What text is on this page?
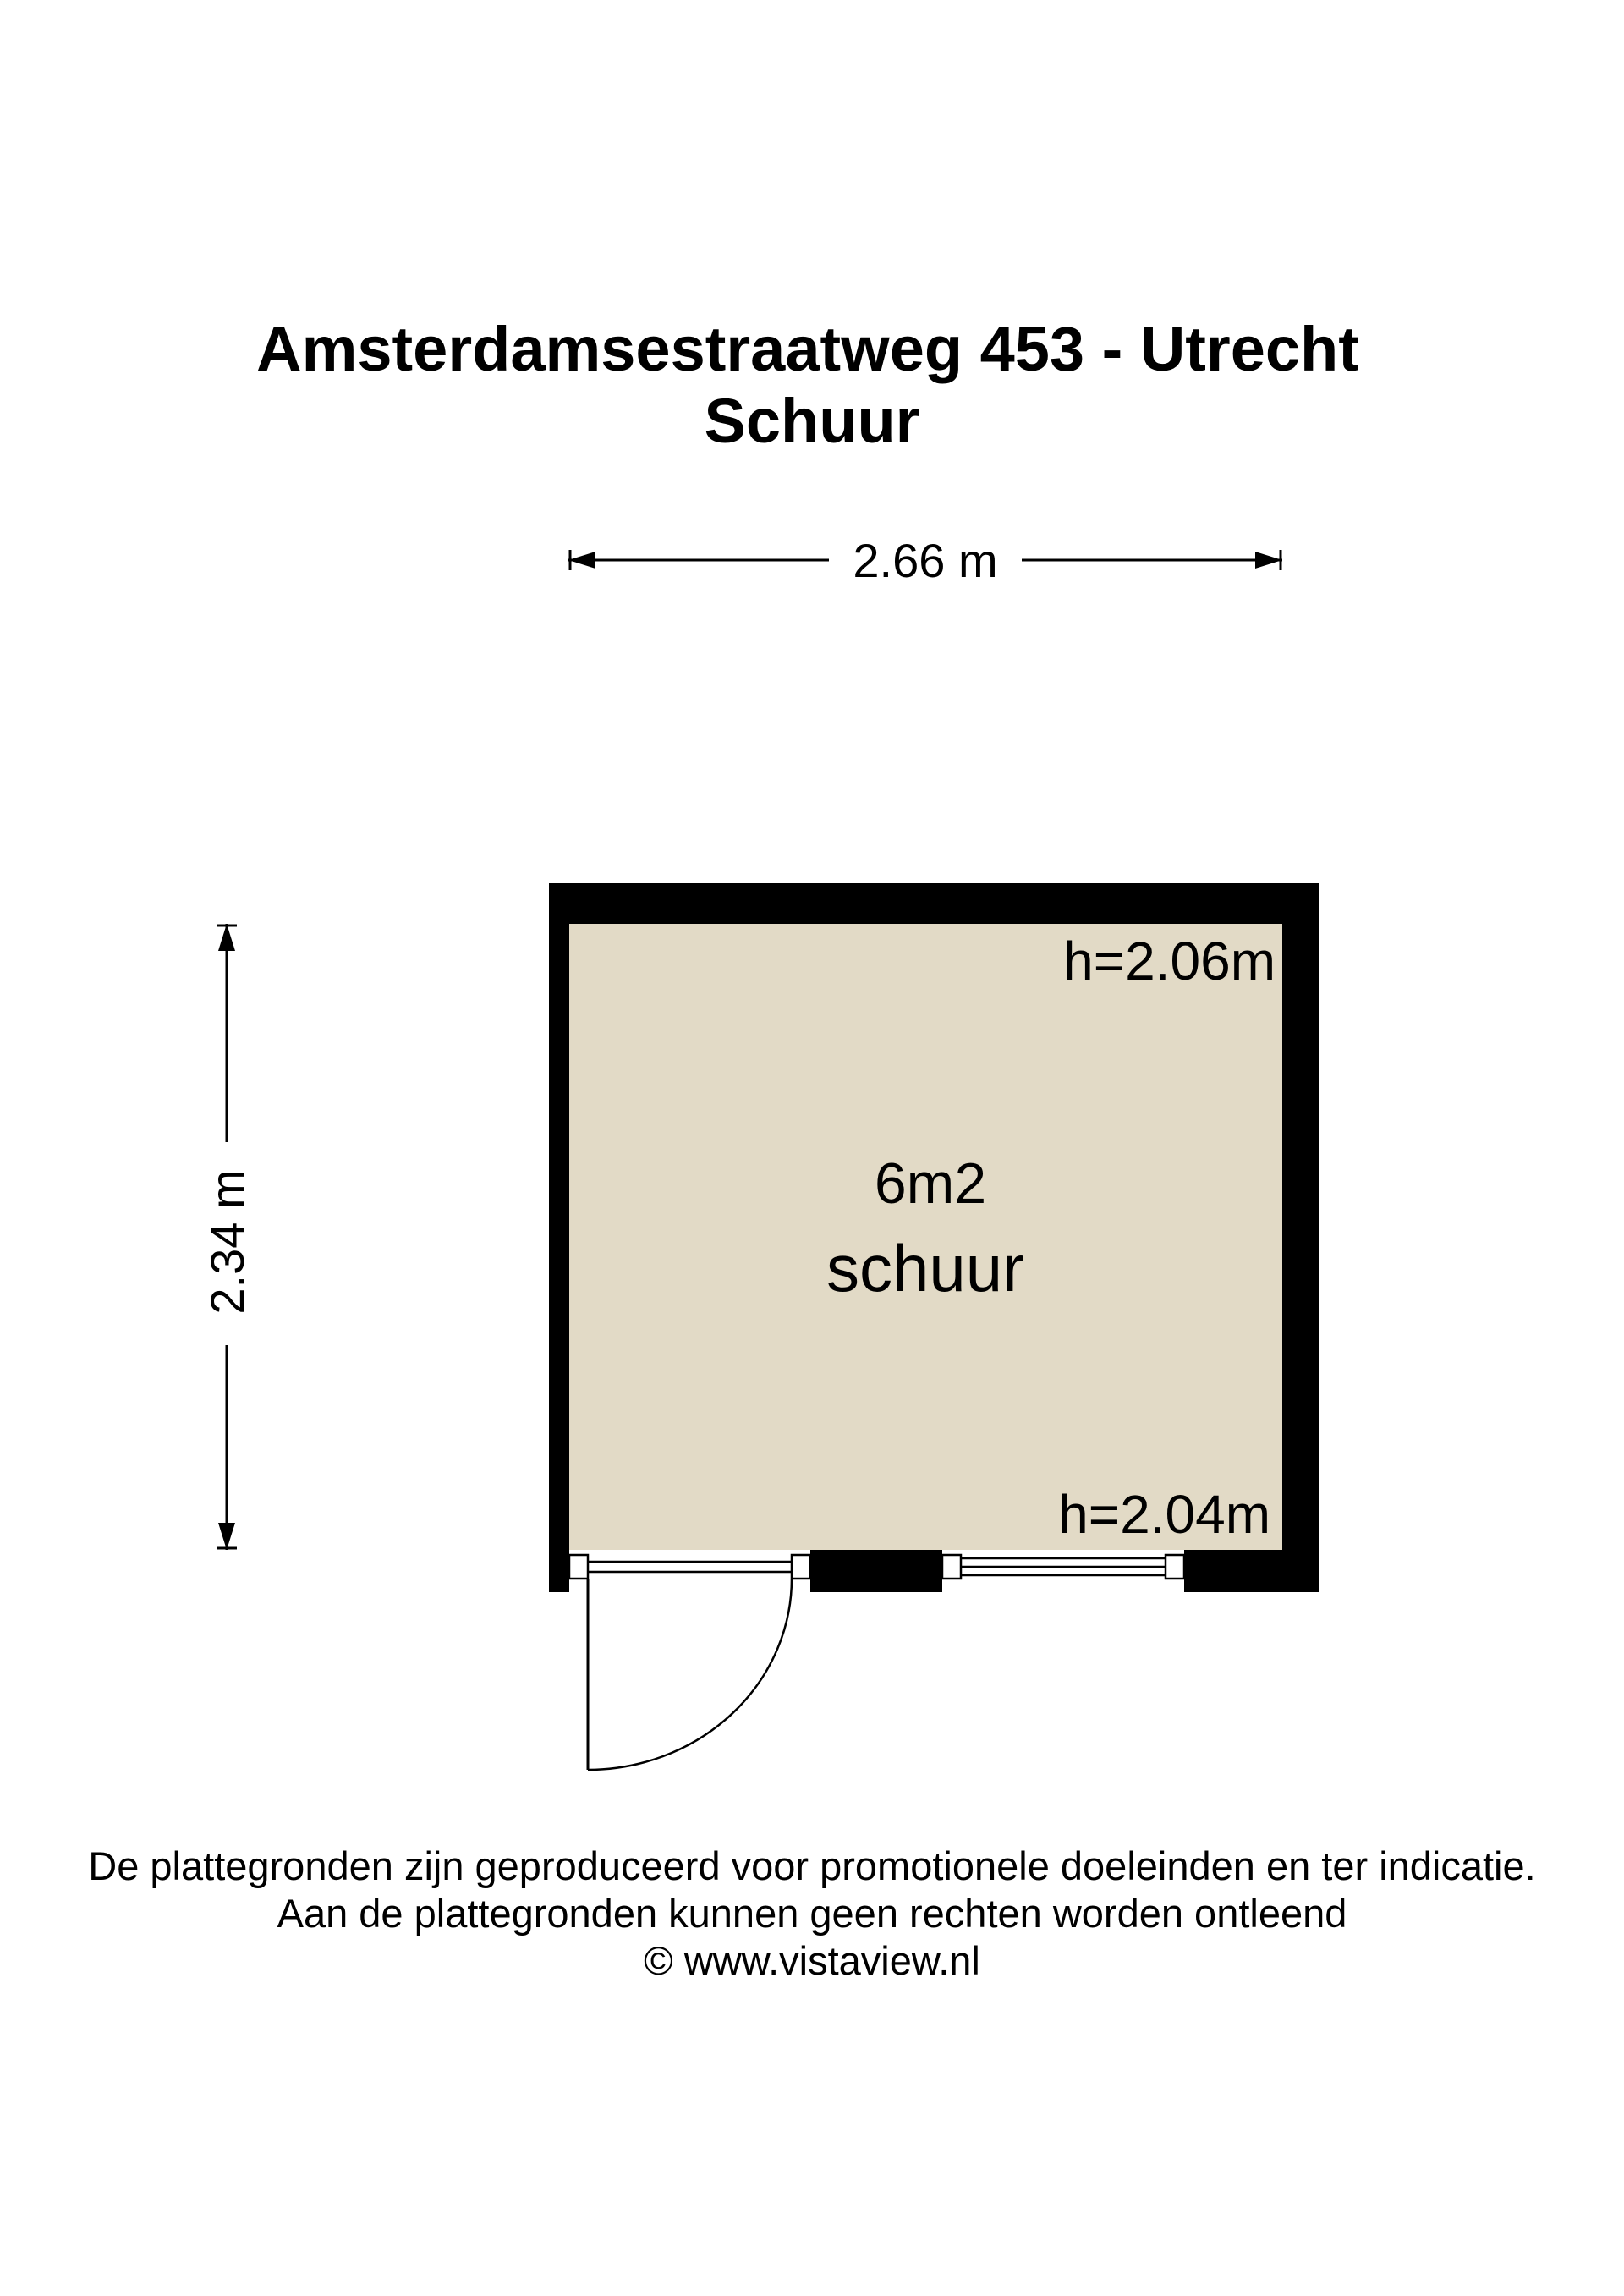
Amsterdamsestraatweg 453 - Utrecht
Schuur
2.66 m
2.34 m	6m2
schuur
h=2.06m
h=2.04m
De plattegronden zijn geproduceerd voor promotionele doeleinden en ter indicatie.
Aan de plattegronden kunnen geen rechten worden ontleend
© www.vistaview.nl
